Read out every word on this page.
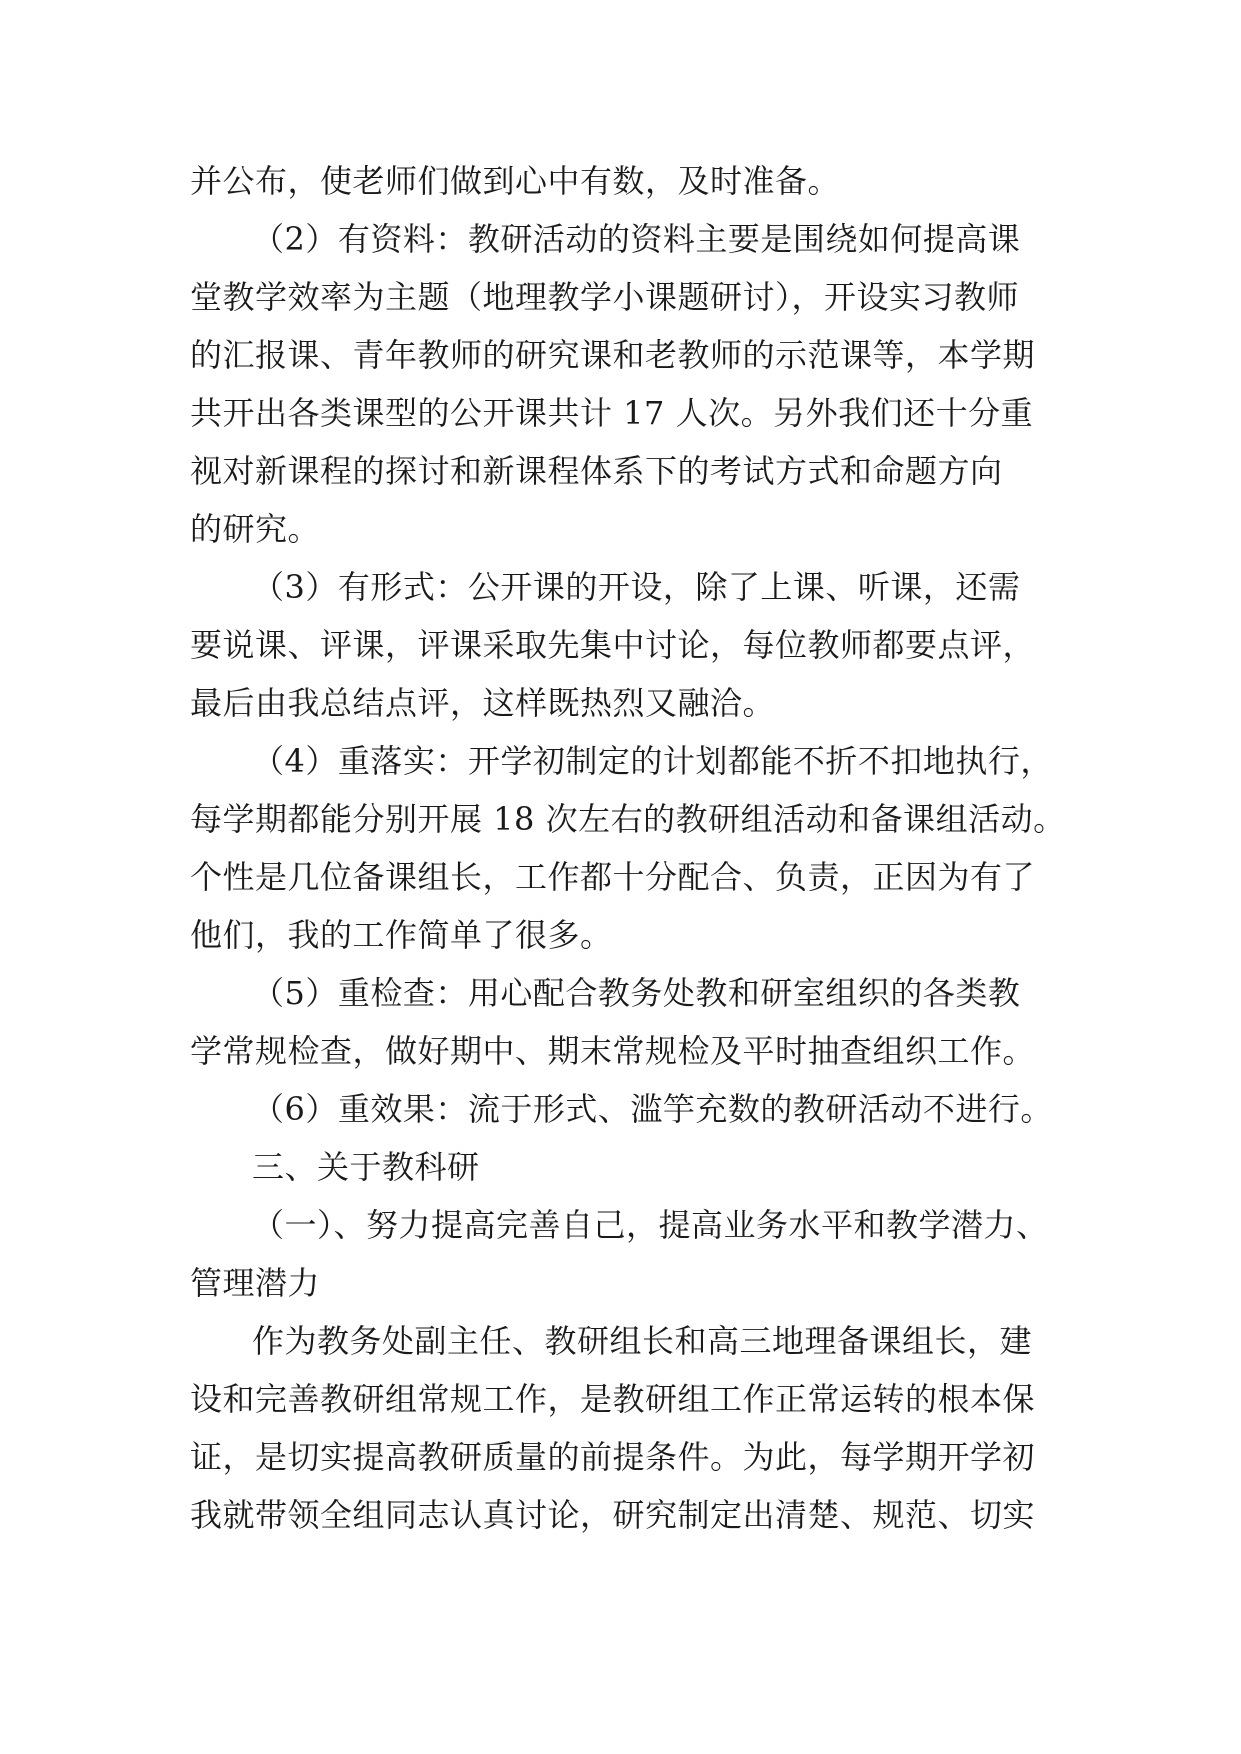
并公布，使老师们做到心中有数，及时准备。
（2）有资料：教研活动的资料主要是围绕如何提高课
堂教学效率为主题（地理教学小课题研讨），开设实习教师
的汇报课、青年教师的研究课和老教师的示范课等，本学期
共开出各类课型的公开课共计 17 人次。另外我们还十分重
视对新课程的探讨和新课程体系下的考试方式和命题方向
的研究。
（3）有形式：公开课的开设，除了上课、听课，还需
要说课、评课，评课采取先集中讨论，每位教师都要点评，
最后由我总结点评，这样既热烈又融洽。
（4）重落实：开学初制定的计划都能不折不扣地执行，
每学期都能分别开展 18 次左右的教研组活动和备课组活动。
个性是几位备课组长，工作都十分配合、负责，正因为有了
他们，我的工作简单了很多。
（5）重检查：用心配合教务处教和研室组织的各类教
学常规检查，做好期中、期末常规检及平时抽查组织工作。
（6）重效果：流于形式、滥竽充数的教研活动不进行。
三、关于教科研
（一）、努力提高完善自己，提高业务水平和教学潜力、
管理潜力
作为教务处副主任、教研组长和高三地理备课组长，建
设和完善教研组常规工作，是教研组工作正常运转的根本保
证，是切实提高教研质量的前提条件。为此，每学期开学初
我就带领全组同志认真讨论，研究制定出清楚、规范、切实
